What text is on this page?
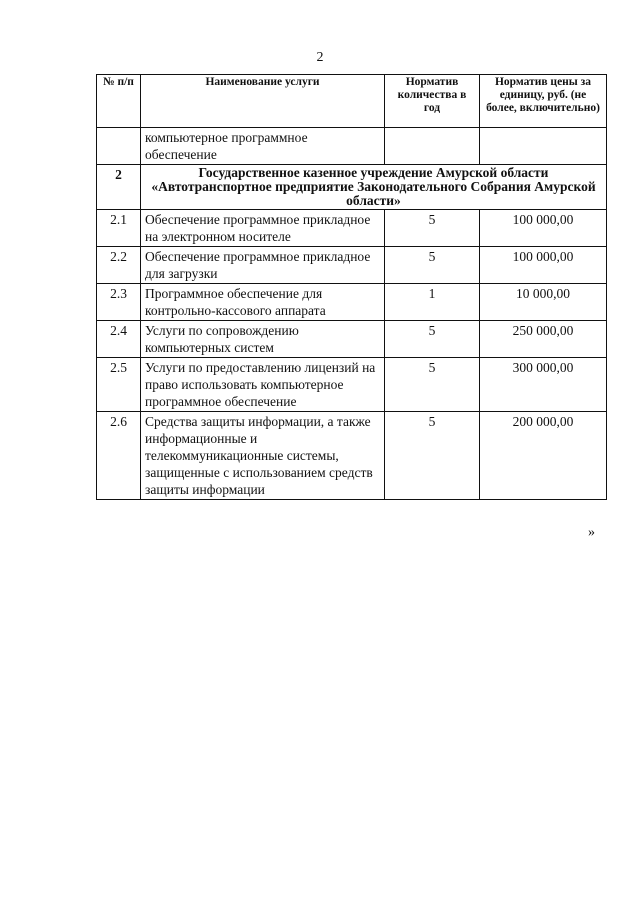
2
№ п/п	Наименование услуги	Норматив количества в год	Норматив цены за единицу, руб. (не более, включительно)
	компьютерное программное обеспечение		
2	Государственное казенное учреждение Амурской области «Автотранспортное предприятие Законодательного Собрания Амурской области»		
2.1	Обеспечение программное прикладное на электронном носителе	5	100 000,00
2.2	Обеспечение программное прикладное для загрузки	5	100 000,00
2.3	Программное обеспечение для контрольно-кассового аппарата	1	10 000,00
2.4	Услуги по сопровождению компьютерных систем	5	250 000,00
2.5	Услуги по предоставлению лицензий на право использовать компьютерное программное обеспечение	5	300 000,00
2.6	Средства защиты информации, а также информационные и телекоммуникационные системы, защищенные с использованием средств защиты информации	5	200 000,00
»
